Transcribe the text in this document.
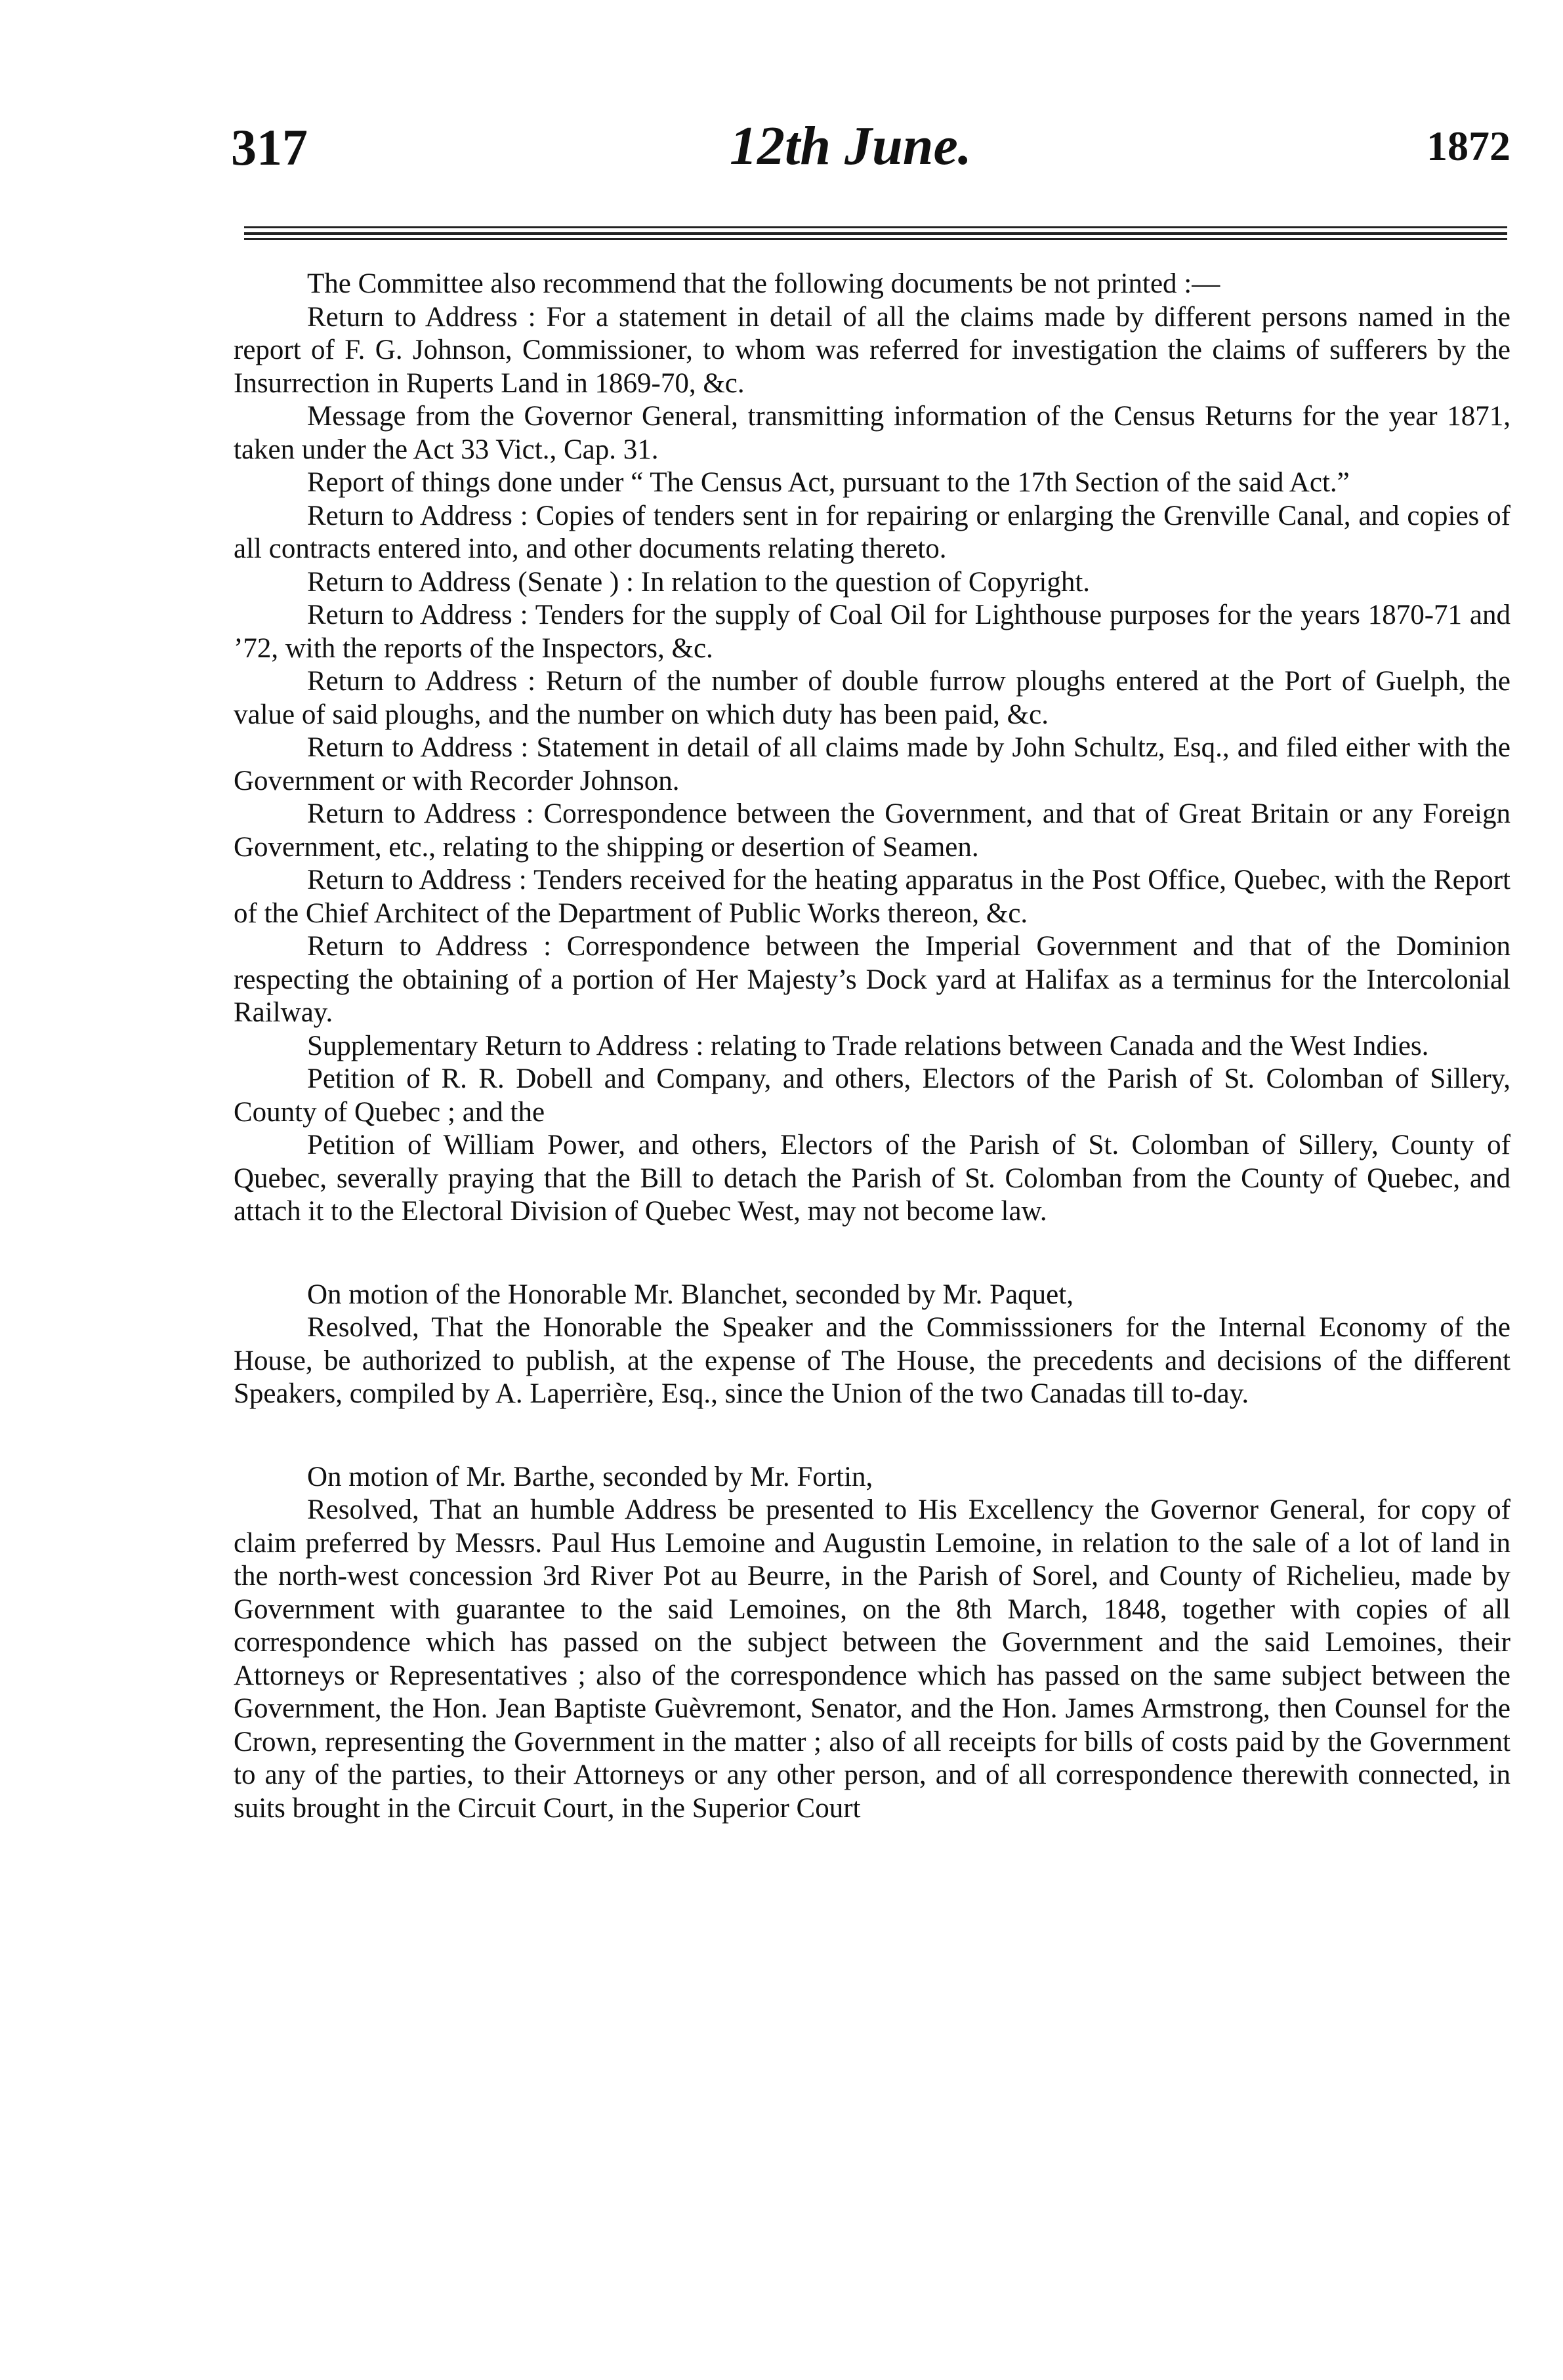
317	12th June.	1872

The Committee also recommend that the following documents be not printed :—

Return to Address : For a statement in detail of all the claims made by different persons named in the report of F. G. Johnson, Commissioner, to whom was referred for investigation the claims of sufferers by the Insurrection in Ruperts Land in 1869-70, &c.

Message from the Governor General, transmitting information of the Census Returns for the year 1871, taken under the Act 33 Vict., Cap. 31.

Report of things done under “ The Census Act, pursuant to the 17th Section of the said Act.”

Return to Address : Copies of tenders sent in for repairing or enlarging the Grenville Canal, and copies of all contracts entered into, and other documents relating thereto.

Return to Address (Senate ) : In relation to the question of Copyright.

Return to Address : Tenders for the supply of Coal Oil for Lighthouse purposes for the years 1870-71 and ’72, with the reports of the Inspectors, &c.

Return to Address : Return of the number of double furrow ploughs entered at the Port of Guelph, the value of said ploughs, and the number on which duty has been paid, &c.

Return to Address : Statement in detail of all claims made by John Schultz, Esq., and filed either with the Government or with Recorder Johnson.

Return to Address : Correspondence between the Government, and that of Great Britain or any Foreign Government, etc., relating to the shipping or desertion of Seamen.

Return to Address : Tenders received for the heating apparatus in the Post Office, Quebec, with the Report of the Chief Architect of the Department of Public Works thereon, &c.

Return to Address : Correspondence between the Imperial Government and that of the Dominion respecting the obtaining of a portion of Her Majesty’s Dock yard at Halifax as a terminus for the Intercolonial Railway.

Supplementary Return to Address : relating to Trade relations between Canada and the West Indies.

Petition of R. R. Dobell and Company, and others, Electors of the Parish of St. Colomban of Sillery, County of Quebec ; and the

Petition of William Power, and others, Electors of the Parish of St. Colomban of Sillery, County of Quebec, severally praying that the Bill to detach the Parish of St. Colomban from the County of Quebec, and attach it to the Electoral Division of Quebec West, may not become law.

On motion of the Honorable Mr. Blanchet, seconded by Mr. Paquet,

Resolved, That the Honorable the Speaker and the Commisssioners for the Internal Economy of the House, be authorized to publish, at the expense of The House, the precedents and decisions of the different Speakers, compiled by A. Laperrière, Esq., since the Union of the two Canadas till to-day.

On motion of Mr. Barthe, seconded by Mr. Fortin,

Resolved, That an humble Address be presented to His Excellency the Governor General, for copy of claim preferred by Messrs. Paul Hus Lemoine and Augustin Lemoine, in relation to the sale of a lot of land in the north-west concession 3rd River Pot au Beurre, in the Parish of Sorel, and County of Richelieu, made by Government with guarantee to the said Lemoines, on the 8th March, 1848, together with copies of all correspondence which has passed on the subject between the Government and the said Lemoines, their Attorneys or Representatives ; also of the correspondence which has passed on the same subject between the Government, the Hon. Jean Baptiste Guèvremont, Senator, and the Hon. James Armstrong, then Counsel for the Crown, representing the Government in the matter ; also of all receipts for bills of costs paid by the Government to any of the parties, to their Attorneys or any other person, and of all correspondence therewith connected, in suits brought in the Circuit Court, in the Superior Court
